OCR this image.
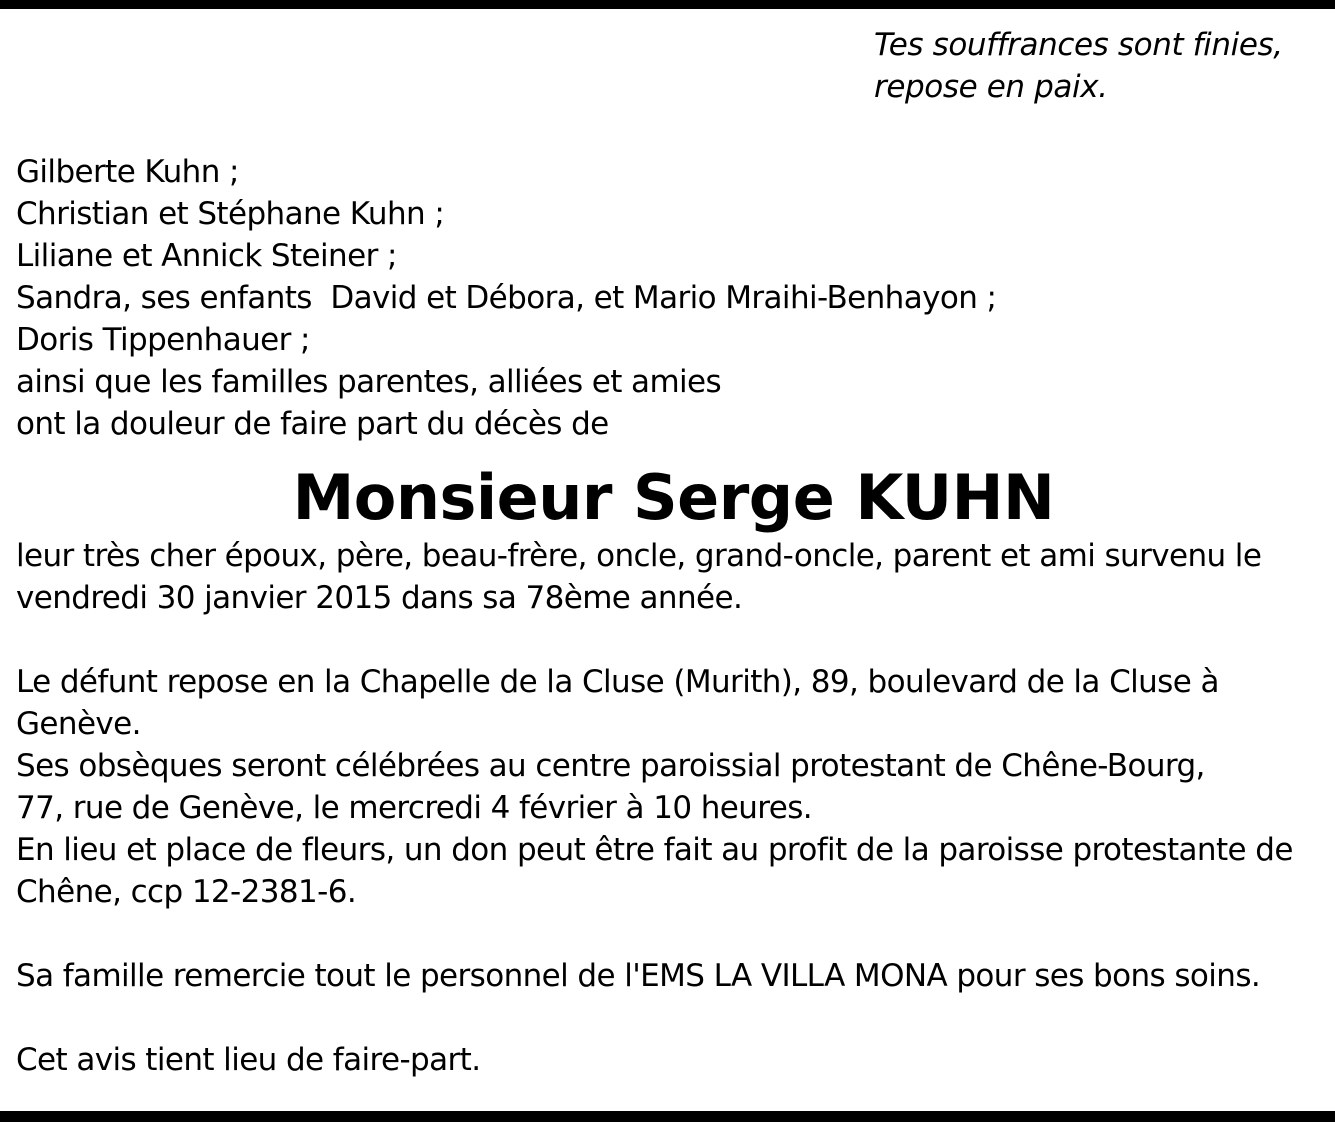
Tes souffrances sont finies,
repose en paix.
Gilberte Kuhn ;
Christian et Stéphane Kuhn ;
Liliane et Annick Steiner ;
Sandra, ses enfants  David et Débora, et Mario Mraihi-Benhayon ;
Doris Tippenhauer ;
ainsi que les familles parentes, alliées et amies
ont la douleur de faire part du décès de
Monsieur Serge KUHN
leur très cher époux, père, beau-frère, oncle, grand-oncle, parent et ami survenu le
vendredi 30 janvier 2015 dans sa 78ème année.
Le défunt repose en la Chapelle de la Cluse (Murith), 89, boulevard de la Cluse à
Genève.
Ses obsèques seront célébrées au centre paroissial protestant de Chêne-Bourg,
77, rue de Genève, le mercredi 4 février à 10 heures.
En lieu et place de fleurs, un don peut être fait au profit de la paroisse protestante de
Chêne, ccp 12-2381-6.
Sa famille remercie tout le personnel de l'EMS LA VILLA MONA pour ses bons soins.
Cet avis tient lieu de faire-part.
